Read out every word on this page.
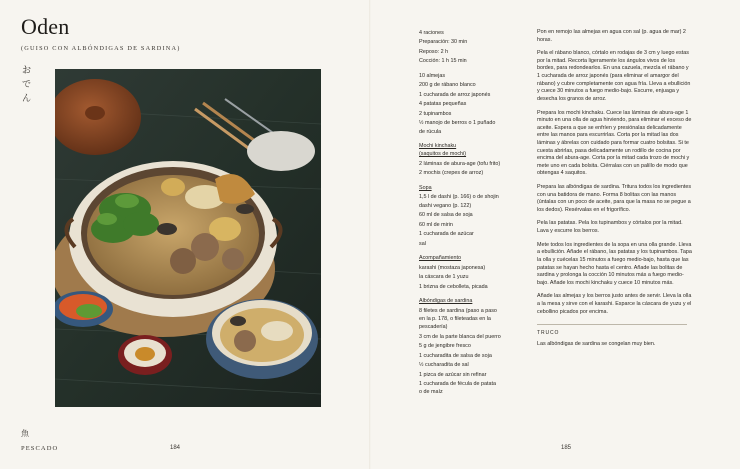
Oden
(GUISO CON ALBÓNDIGAS DE SARDINA)
お
で
ん
魚
PESCADO	184
4 raciones
Preparación: 30 min
Reposo: 2 h
Cocción: 1 h 15 min
10 almejas
200 g de rábano blanco
1 cucharada de arroz japonés
4 patatas pequeñas
2 tupinambos
½ manojo de berros o 1 puñado
de rúcula
Mochi kinchaku
(saquitos de mochi)
2 láminas de abura-age (tofu frito)
2 mochis (crepes de arroz)
Sopa
1,5 l de dashi (p. 166) o de shojin
dashi vegano (p. 122)
60 ml de salsa de soja
60 ml de mirin
1 cucharada de azúcar
sal
Acompañamiento
karashi (mostaza japonesa)
la cáscara de 1 yuzu
1 brizna de cebolleta, picada
Albóndigas de sardina
8 filetes de sardina (paso a paso
en la p. 178, o fileteadas en la
pescadería)
3 cm de la parte blanca del puerro
5 g de jengibre fresco
1 cucharadita de salsa de soja
½ cucharadita de sal
1 pizca de azúcar sin refinar
1 cucharada de fécula de patata
o de maíz

Pon en remojo las almejas en agua con sal (p. agua de mar) 2 horas.

Pela el rábano blanco, córtalo en rodajas de 3 cm y luego estas por la mitad. Recorta ligeramente los ángulos vivos de los bordes, para redondearlos. En una cazuela, mezcla el rábano y 1 cucharada de arroz japonés (para eliminar el amargor del rábano) y cubre completamente con agua fría. Lleva a ebullición y cuece 30 minutos a fuego medio-bajo. Escurre, enjuaga y desecha los granos de arroz.

Prepara los mochi kinchaku. Cuece las láminas de abura-age 1 minuto en una olla de agua hirviendo, para eliminar el exceso de aceite. Espera a que se enfríen y presiónalas delicadamente entre las manos para escurrirlas. Corta por la mitad las dos láminas y ábrelas con cuidado para formar cuatro bolsitas. Si te cuesta abrirlas, pasa delicadamente un rodillo de cocina por encima del abura-age. Corta por la mitad cada trozo de mochi y mete uno en cada bolsita. Ciérralas con un palillo de modo que obtengas 4 saquitos.

Prepara las albóndigas de sardina. Tritura todos los ingredientes con una batidora de mano. Forma 8 bolitas con las manos (úntalas con un poco de aceite, para que la masa no se pegue a los dedos). Resérvalas en el frigorífico.

Pela las patatas. Pela los tupinambos y córtalos por la mitad. Lava y escurre los berros.

Mete todos los ingredientes de la sopa en una olla grande. Lleva a ebullición. Añade el rábano, las patatas y los tupinambos. Tapa la olla y cuécelas 15 minutos a fuego medio-bajo, hasta que las patatas se hayan hecho hasta el centro. Añade las bolitas de sardina y prolonga la cocción 10 minutos más a fuego medio-bajo. Añade los mochi kinchaku y cuece 10 minutos más.

Añade las almejas y los berros justo antes de servir. Lleva la olla a la mesa y sirve con el karashi. Esparce la cáscara de yuzu y el cebollino picados por encima.

TRUCO
Las albóndigas de sardina se congelan muy bien.
185
